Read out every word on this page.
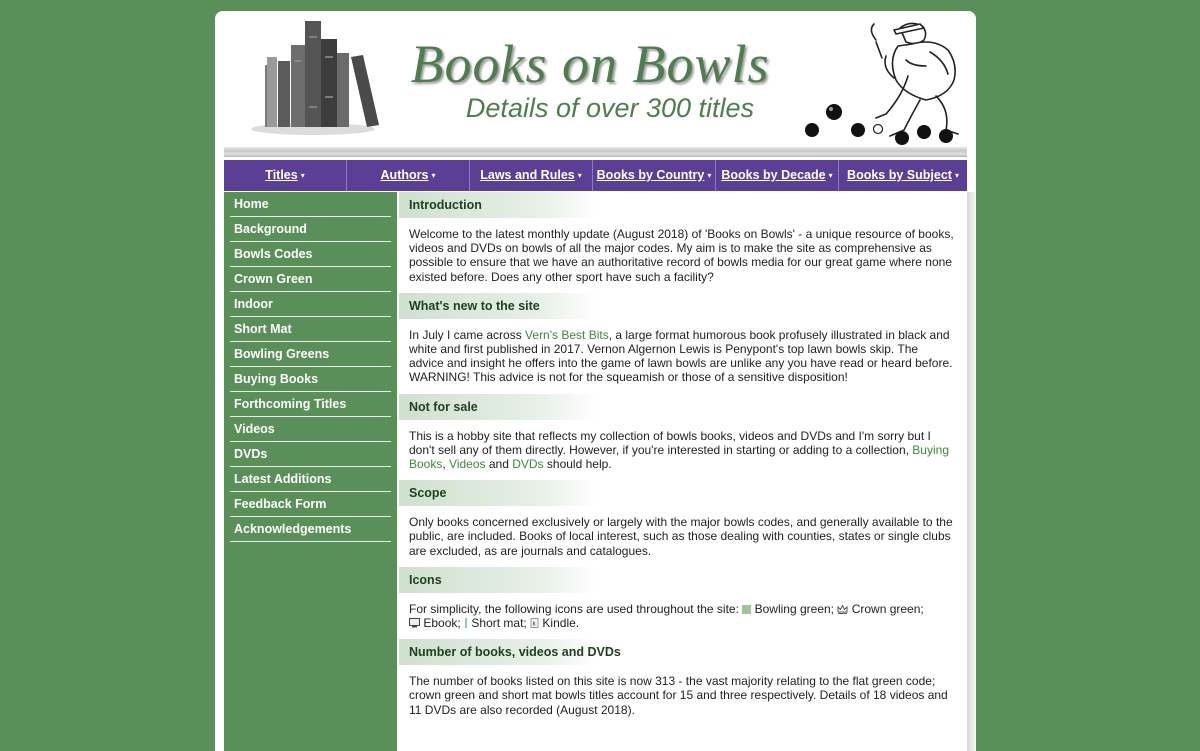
Books on Bowls
Details of over 300 titles
Titles ▾	Authors ▾	Laws and Rules ▾	Books by Country ▾ Books by Decade ▾	Books by Subject ▾
Home
Background
Bowls Codes
Crown Green
Indoor
Short Mat
Bowling Greens
Buying Books
Forthcoming Titles
Videos
DVDs
Latest Additions
Feedback Form
Acknowledgements
Introduction

Welcome to the latest monthly update (August 2018) of 'Books on Bowls' - a unique resource of books, videos and DVDs on bowls of all the major codes. My aim is to make the site as comprehensive as possible to ensure that we have an authoritative record of bowls media for our great game where none existed before. Does any other sport have such a facility?

What's new to the site

In July I came across Vern's Best Bits, a large format humorous book profusely illustrated in black and white and first published in 2017. Vernon Algernon Lewis is Penypont's top lawn bowls skip. The advice and insight he offers into the game of lawn bowls are unlike any you have read or heard before. WARNING! This advice is not for the squeamish or those of a sensitive disposition!

Not for sale

This is a hobby site that reflects my collection of bowls books, videos and DVDs and I'm sorry but I don't sell any of them directly. However, if you're interested in starting or adding to a collection, Buying Books, Videos and DVDs should help.

Scope

Only books concerned exclusively or largely with the major bowls codes, and generally available to the public, are included. Books of local interest, such as those dealing with counties, states or single clubs are excluded, as are journals and catalogues.

Icons

For simplicity, the following icons are used throughout the site:  Bowling green;  Crown green;
Ebook;  Short mat; k Kindle.

Number of books, videos and DVDs

The number of books listed on this site is now 313 - the vast majority relating to the flat green code; crown green and short mat bowls titles account for 15 and three respectively. Details of 18 videos and 11 DVDs are also recorded (August 2018).
